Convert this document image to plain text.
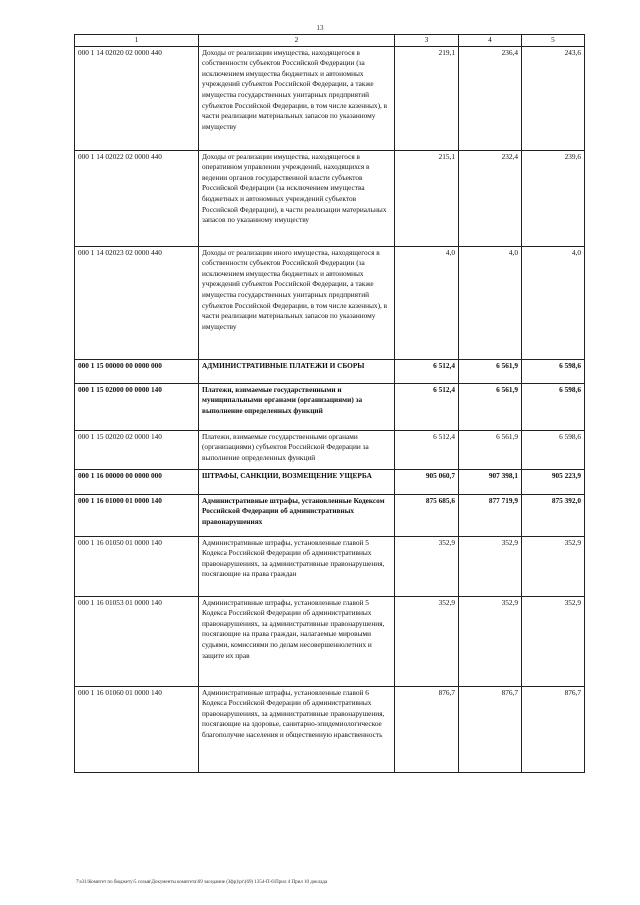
13
1	2	3	4	5
000 1 14 02020 02 0000 440	Доходы от реализации имущества, находящегося в собственности субъектов Российской Федерации (за исключением имущества бюджетных и автономных учреждений субъектов Российской Федерации, а также имущества государственных унитарных предприятий субъектов Российской Федерации, в том числе казенных), в части реализации материальных запасов по указанному имуществу	219,1	236,4	243,6
000 1 14 02022 02 0000 440	Доходы от реализации имущества, находящегося в оперативном управлении учреждений, находящихся в ведении органов государственной власти субъектов Российской Федерации (за исключением имущества бюджетных и автономных учреждений субъектов Российской Федерации), в части реализации материальных запасов по указанному имуществу	215,1	232,4	239,6
000 1 14 02023 02 0000 440	Доходы от реализации иного имущества, находящегося в собственности субъектов Российской Федерации (за исключением имущества бюджетных и автономных учреждений субъектов Российской Федерации, а также имущества государственных унитарных предприятий субъектов Российской Федерации, в том числе казенных), в части реализации материальных запасов по указанному имуществу	4,0	4,0	4,0
000 1 15 00000 00 0000 000	АДМИНИСТРАТИВНЫЕ ПЛАТЕЖИ И СБОРЫ	6 512,4	6 561,9	6 598,6
000 1 15 02000 00 0000 140	Платежи, взимаемые государственными и муниципальными органами (организациями) за выполнение определенных функций	6 512,4	6 561,9	6 598,6
000 1 15 02020 02 0000 140	Платежи, взимаемые государственными органами (организациями) субъектов Российской Федерации за выполнение определенных функций	6 512,4	6 561,9	6 598,6
000 1 16 00000 00 0000 000	ШТРАФЫ, САНКЦИИ, ВОЗМЕЩЕНИЕ УЩЕРБА	905 060,7	907 398,1	905 223,9
000 1 16 01000 01 0000 140	Административные штрафы, установленные Кодексом Российской Федерации об административных правонарушениях	875 685,6	877 719,9	875 392,0
000 1 16 01050 01 0000 140	Административные штрафы, установленные главой 5 Кодекса Российской Федерации об административных правонарушениях, за административные правонарушения, посягающие на права граждан	352,9	352,9	352,9
000 1 16 01053 01 0000 140	Административные штрафы, установленные главой 5 Кодекса Российской Федерации об административных правонарушениях, за административные правонарушения, посягающие на права граждан, налагаемые мировыми судьями, комиссиями по делам несовершеннолетних и защите их прав	352,9	352,9	352,9
000 1 16 01060 01 0000 140	Административные штрафы, установленные главой 6 Кодекса Российской Федерации об административных правонарушениях, за административные правонарушения, посягающие на здоровье, санитарно-эпидемиологическое благополучие населения и общественную нравственность	876,7	876,7	876,7
7\s31\Комитет по бюджету\5 созыв\Документы комитета\69 заседание (Зфр)\pr\(69) 1354-П-6\Прил 4 Прил 10 доклада
